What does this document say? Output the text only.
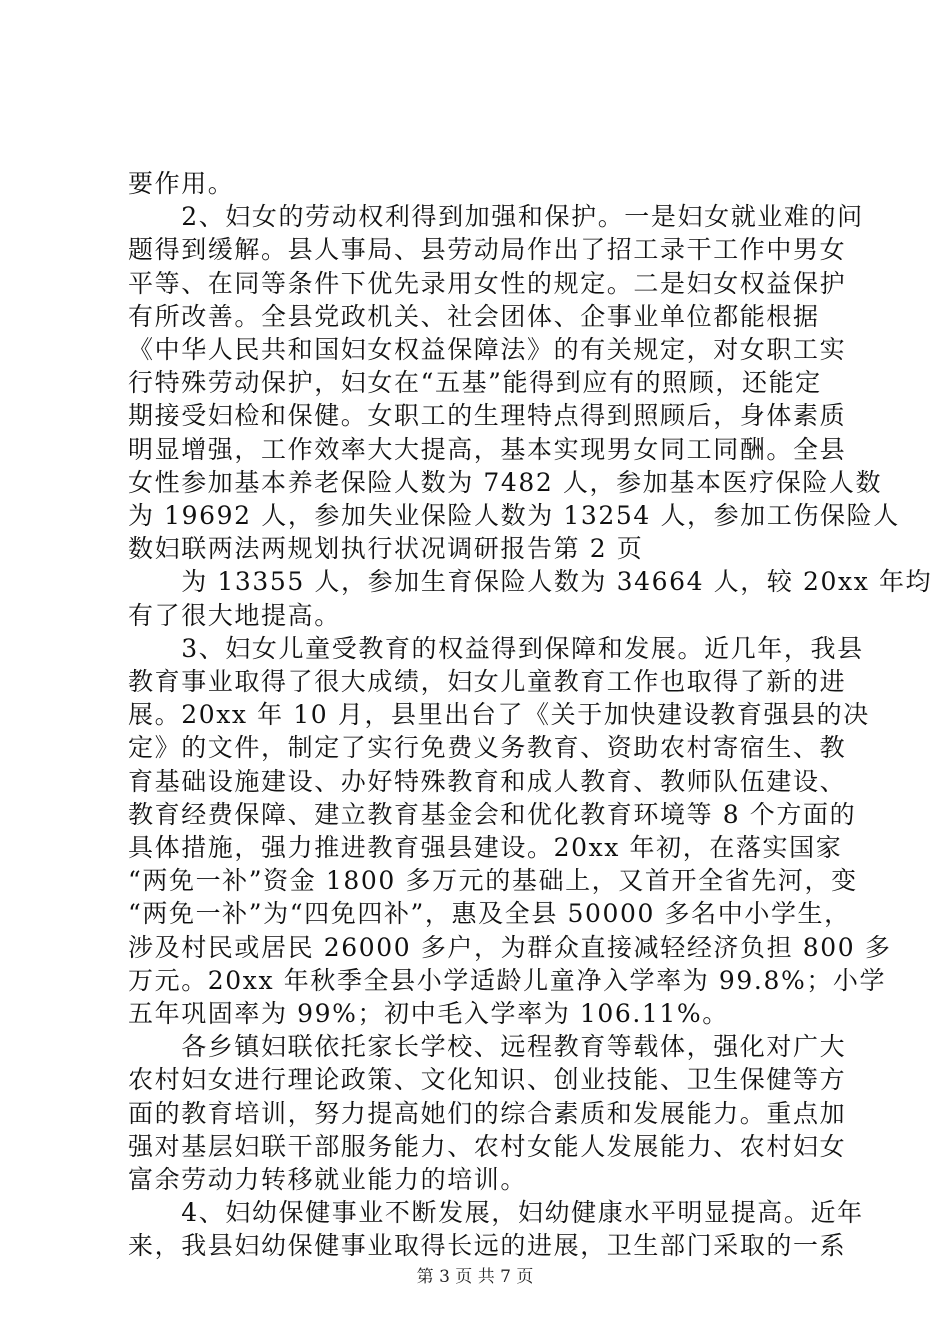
要作用。
　　2、妇女的劳动权利得到加强和保护。一是妇女就业难的问
题得到缓解。县人事局、县劳动局作出了招工录干工作中男女
平等、在同等条件下优先录用女性的规定。二是妇女权益保护
有所改善。全县党政机关、社会团体、企事业单位都能根据
《中华人民共和国妇女权益保障法》的有关规定，对女职工实
行特殊劳动保护，妇女在“五基”能得到应有的照顾，还能定
期接受妇检和保健。女职工的生理特点得到照顾后，身体素质
明显增强，工作效率大大提高，基本实现男女同工同酬。全县
女性参加基本养老保险人数为 7482 人，参加基本医疗保险人数
为 19692 人，参加失业保险人数为 13254 人，参加工伤保险人
数妇联两法两规划执行状况调研报告第 2 页
　　为 13355 人，参加生育保险人数为 34664 人，较 20xx 年均
有了很大地提高。
　　3、妇女儿童受教育的权益得到保障和发展。近几年，我县
教育事业取得了很大成绩，妇女儿童教育工作也取得了新的进
展。20xx 年 10 月，县里出台了《关于加快建设教育强县的决
定》的文件，制定了实行免费义务教育、资助农村寄宿生、教
育基础设施建设、办好特殊教育和成人教育、教师队伍建设、
教育经费保障、建立教育基金会和优化教育环境等 8 个方面的
具体措施，强力推进教育强县建设。20xx 年初，在落实国家
“两免一补”资金 1800 多万元的基础上，又首开全省先河，变
“两免一补”为“四免四补”，惠及全县 50000 多名中小学生，
涉及村民或居民 26000 多户，为群众直接减轻经济负担 800 多
万元。20xx 年秋季全县小学适龄儿童净入学率为 99.8%；小学
五年巩固率为 99%；初中毛入学率为 106.11%。
　　各乡镇妇联依托家长学校、远程教育等载体，强化对广大
农村妇女进行理论政策、文化知识、创业技能、卫生保健等方
面的教育培训，努力提高她们的综合素质和发展能力。重点加
强对基层妇联干部服务能力、农村女能人发展能力、农村妇女
富余劳动力转移就业能力的培训。
　　4、妇幼保健事业不断发展，妇幼健康水平明显提高。近年
来，我县妇幼保健事业取得长远的进展，卫生部门采取的一系
第 3 页 共 7 页
